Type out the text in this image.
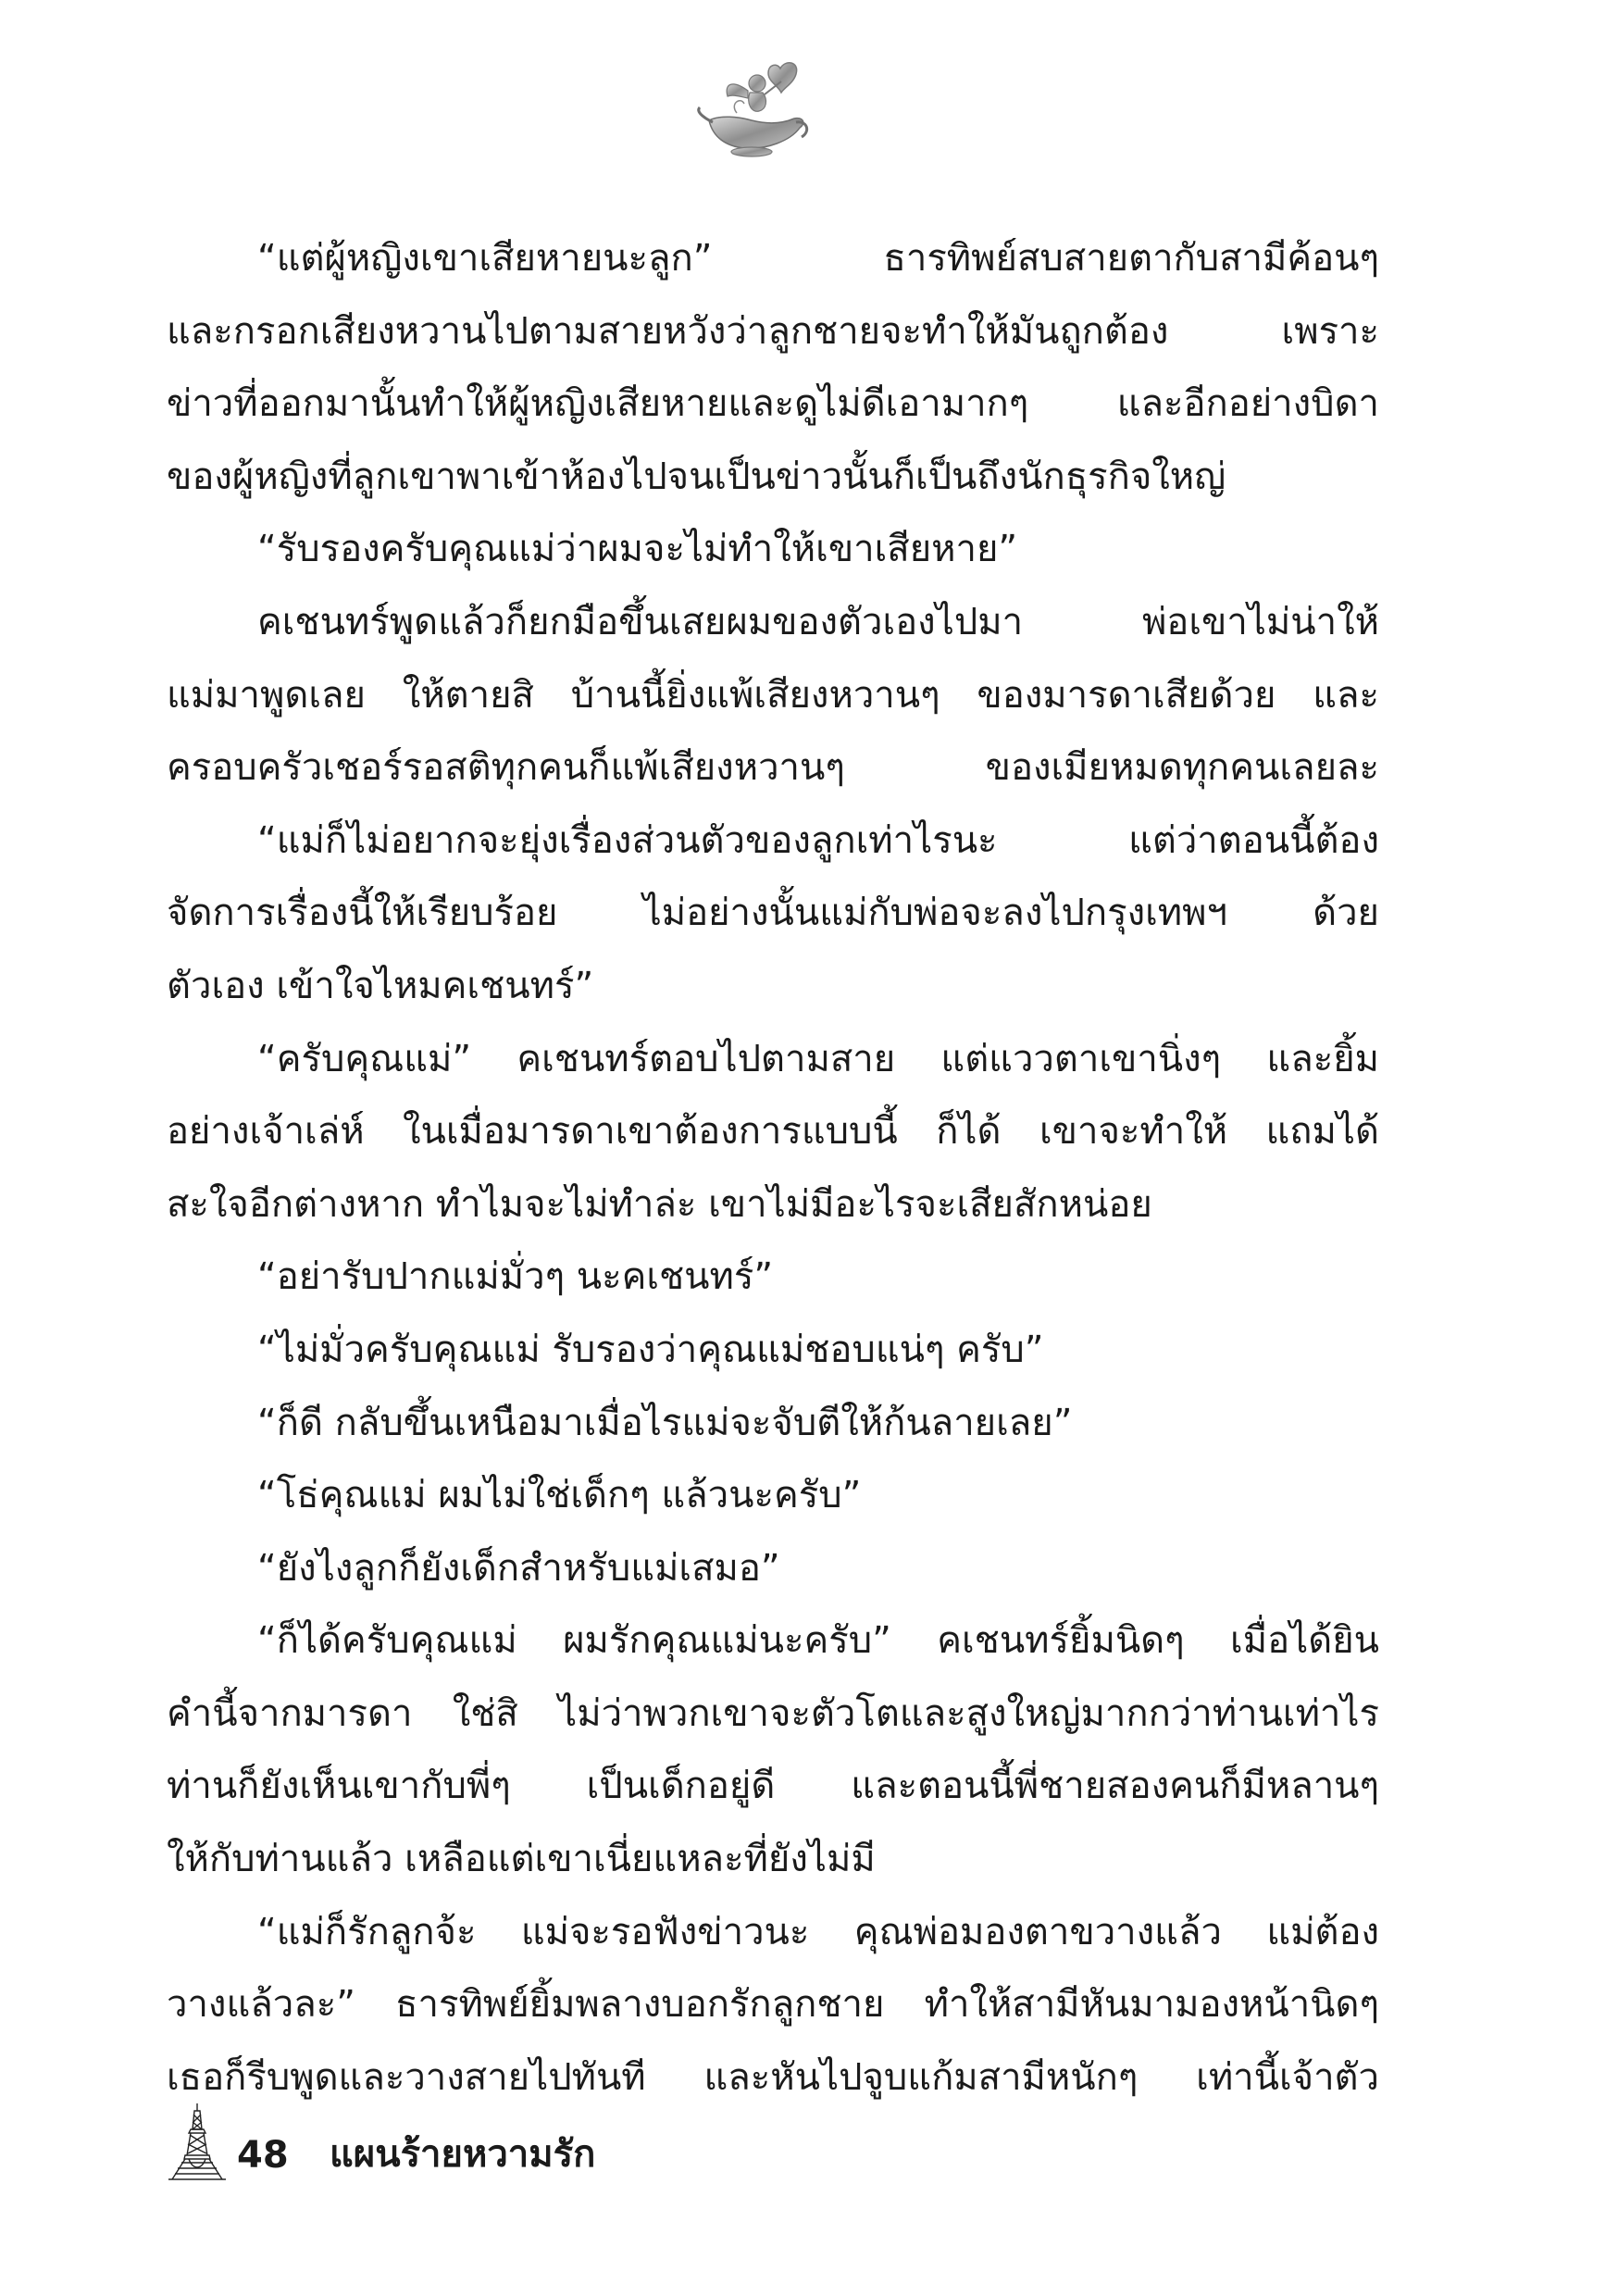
“แต่ผู้หญิงเขาเสียหายนะลูก” ธารทิพย์สบสายตากับสามีค้อนๆ
และกรอกเสียงหวานไปตามสายหวังว่าลูกชายจะทำให้มันถูกต้อง เพราะ
ข่าวที่ออกมานั้นทำให้ผู้หญิงเสียหายและดูไม่ดีเอามากๆ และอีกอย่างบิดา
ของผู้หญิงที่ลูกเขาพาเข้าห้องไปจนเป็นข่าวนั้นก็เป็นถึงนักธุรกิจใหญ่
“รับรองครับคุณแม่ว่าผมจะไม่ทำให้เขาเสียหาย”
คเชนทร์พูดแล้วก็ยกมือขึ้นเสยผมของตัวเองไปมา พ่อเขาไม่น่าให้
แม่มาพูดเลย ให้ตายสิ บ้านนี้ยิ่งแพ้เสียงหวานๆ ของมารดาเสียด้วย และ
ครอบครัวเชอร์รอสติทุกคนก็แพ้เสียงหวานๆ ของเมียหมดทุกคนเลยละ
“แม่ก็ไม่อยากจะยุ่งเรื่องส่วนตัวของลูกเท่าไรนะ แต่ว่าตอนนี้ต้อง
จัดการเรื่องนี้ให้เรียบร้อย ไม่อย่างนั้นแม่กับพ่อจะลงไปกรุงเทพฯ ด้วย
ตัวเอง เข้าใจไหมคเชนทร์”
“ครับคุณแม่” คเชนทร์ตอบไปตามสาย แต่แววตาเขานิ่งๆ และยิ้ม
อย่างเจ้าเล่ห์ ในเมื่อมารดาเขาต้องการแบบนี้ ก็ได้ เขาจะทำให้ แถมได้
สะใจอีกต่างหาก ทำไมจะไม่ทำล่ะ เขาไม่มีอะไรจะเสียสักหน่อย
“อย่ารับปากแม่มั่วๆ นะคเชนทร์”
“ไม่มั่วครับคุณแม่ รับรองว่าคุณแม่ชอบแน่ๆ ครับ”
“ก็ดี กลับขึ้นเหนือมาเมื่อไรแม่จะจับตีให้ก้นลายเลย”
“โธ่คุณแม่ ผมไม่ใช่เด็กๆ แล้วนะครับ”
“ยังไงลูกก็ยังเด็กสำหรับแม่เสมอ”
“ก็ได้ครับคุณแม่ ผมรักคุณแม่นะครับ” คเชนทร์ยิ้มนิดๆ เมื่อได้ยิน
คำนี้จากมารดา ใช่สิ ไม่ว่าพวกเขาจะตัวโตและสูงใหญ่มากกว่าท่านเท่าไร
ท่านก็ยังเห็นเขากับพี่ๆ เป็นเด็กอยู่ดี และตอนนี้พี่ชายสองคนก็มีหลานๆ
ให้กับท่านแล้ว เหลือแต่เขาเนี่ยแหละที่ยังไม่มี
“แม่ก็รักลูกจ้ะ แม่จะรอฟังข่าวนะ คุณพ่อมองตาขวางแล้ว แม่ต้อง
วางแล้วละ” ธารทิพย์ยิ้มพลางบอกรักลูกชาย ทำให้สามีหันมามองหน้านิดๆ
เธอก็รีบพูดและวางสายไปทันที และหันไปจูบแก้มสามีหนักๆ เท่านี้เจ้าตัว
48 แผนร้ายหวามรัก
